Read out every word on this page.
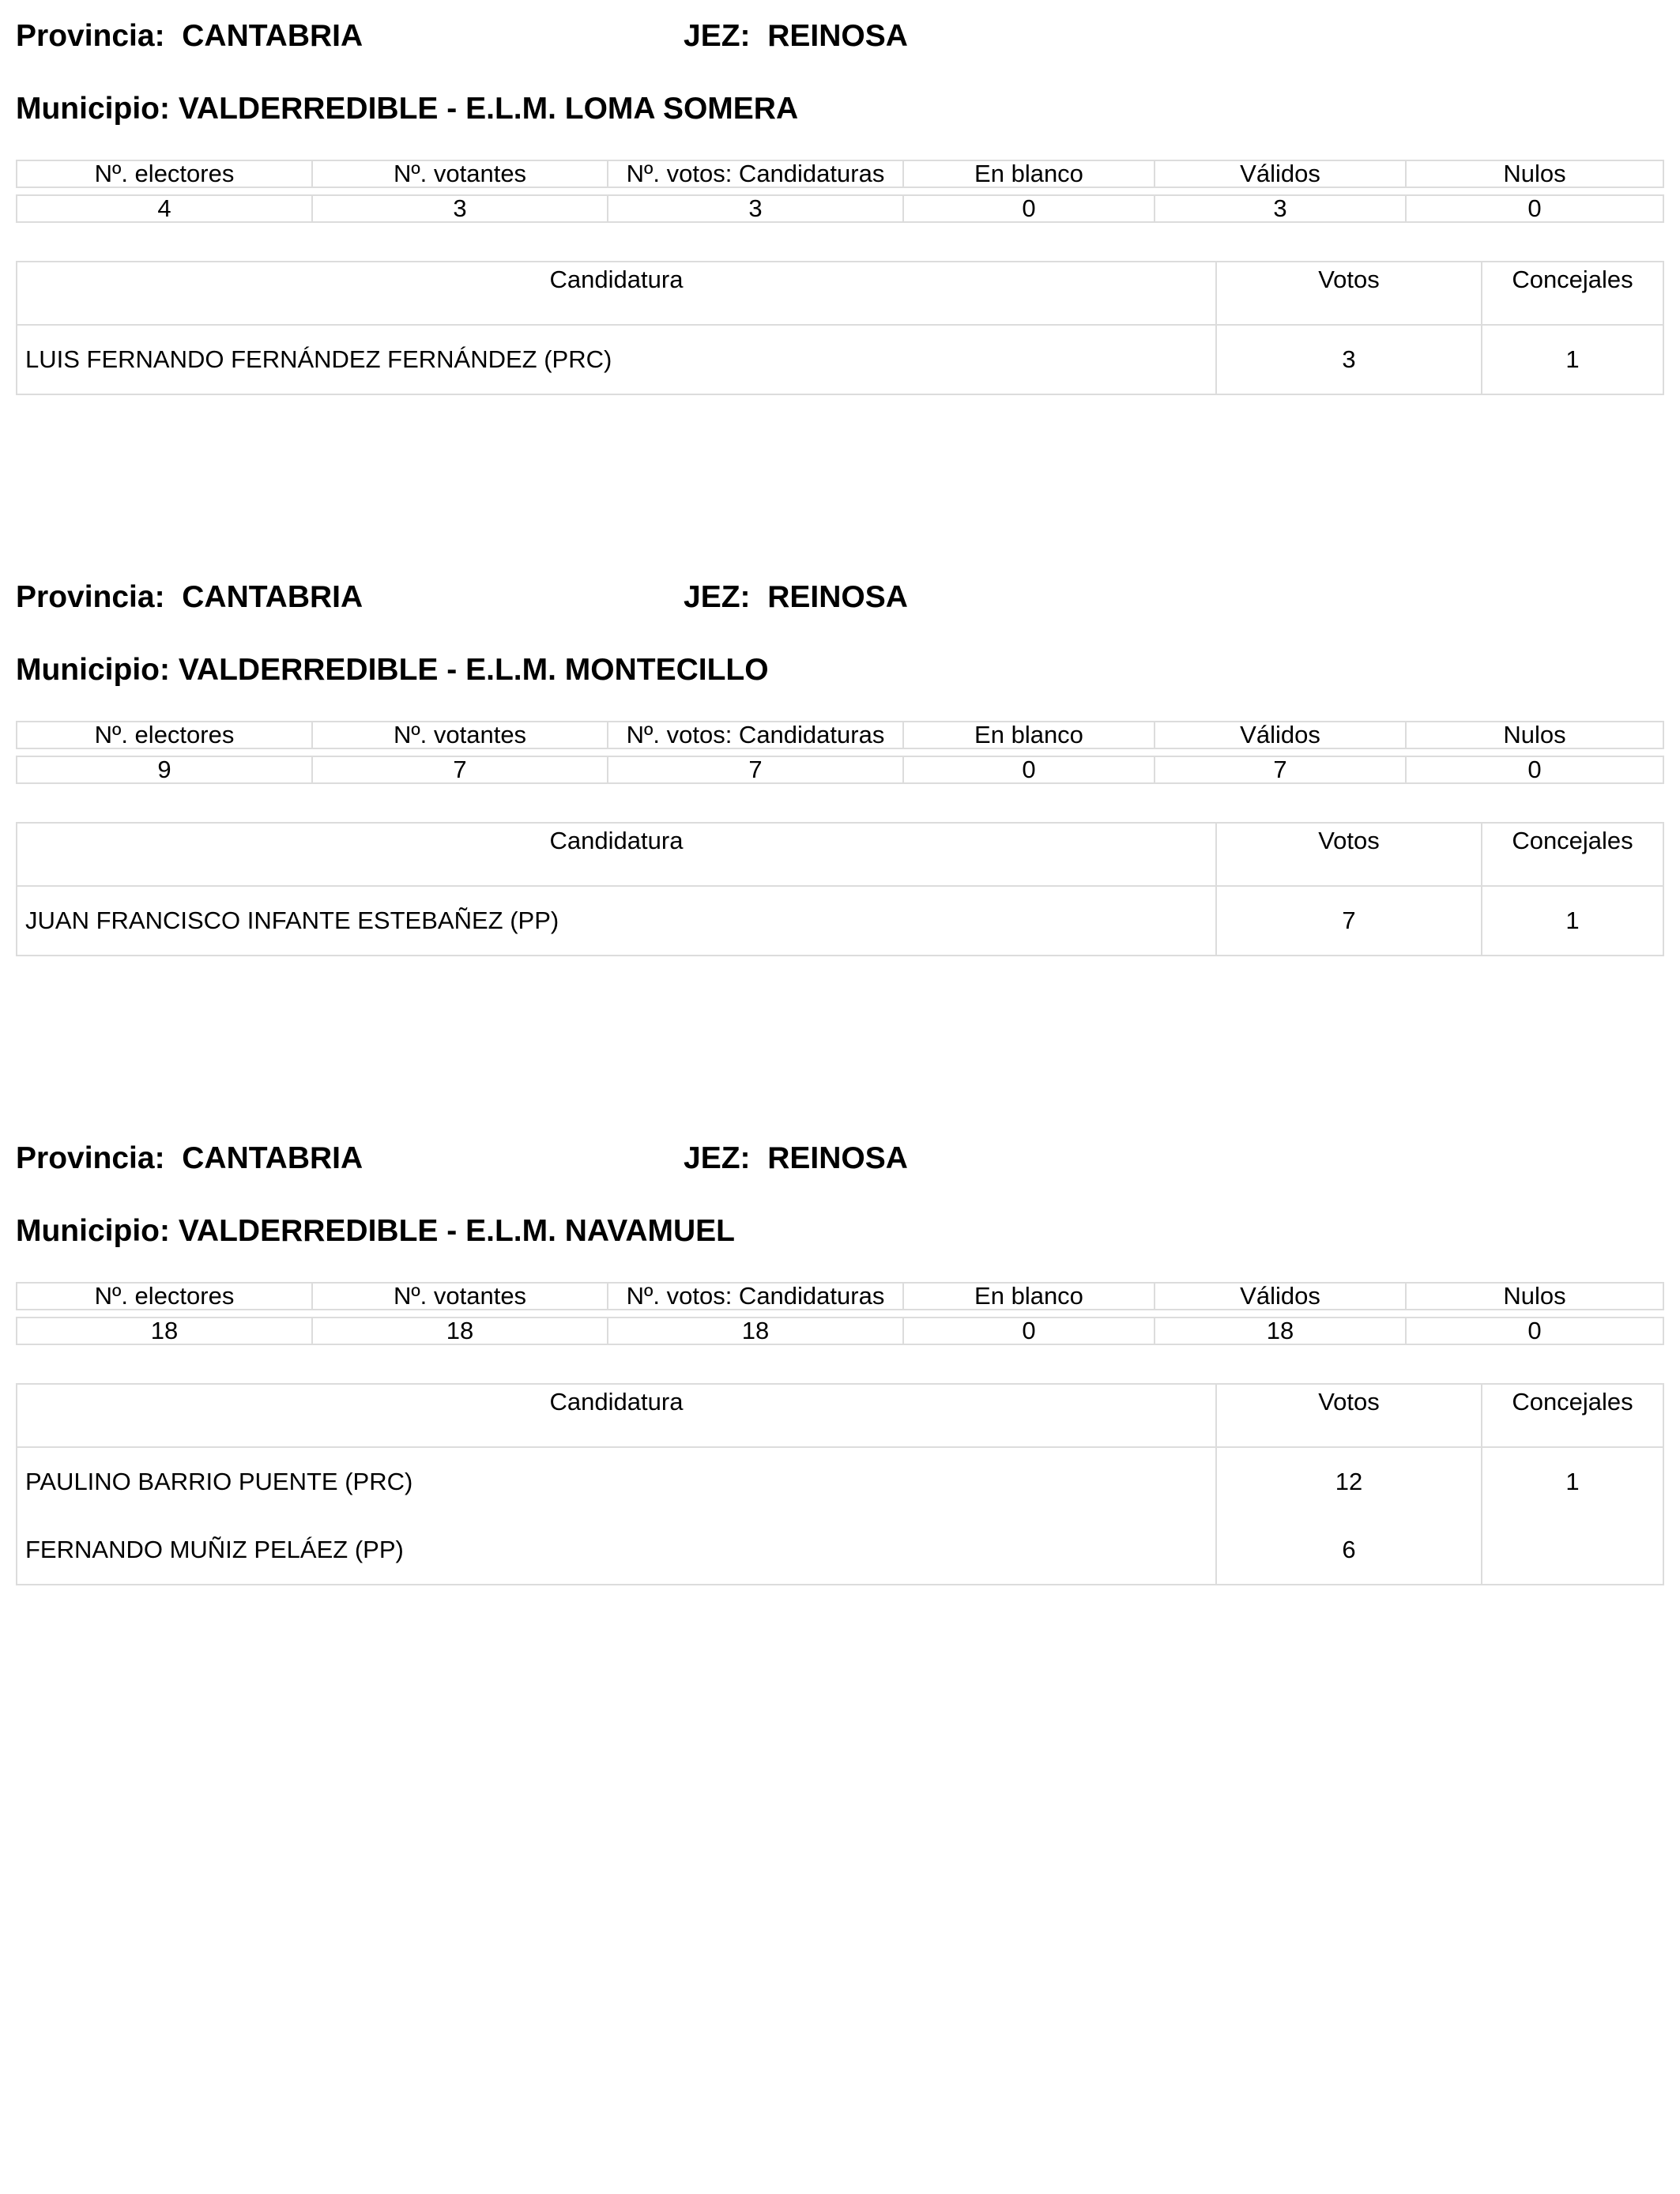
Provincia: CANTABRIA	JEZ: REINOSA
Municipio: VALDERREDIBLE - E.L.M. LOMA SOMERA
Nº. electores	Nº. votantes	Nº. votos: Candidaturas	En blanco	Válidos	Nulos

4	3	3	0	3	0
Candidatura	Votos	Concejales
LUIS FERNANDO FERNÁNDEZ FERNÁNDEZ (PRC)	3	1
Provincia: CANTABRIA	JEZ: REINOSA
Municipio: VALDERREDIBLE - E.L.M. MONTECILLO
Nº. electores	Nº. votantes	Nº. votos: Candidaturas	En blanco	Válidos	Nulos

9	7	7	0	7	0
Candidatura	Votos	Concejales
JUAN FRANCISCO INFANTE ESTEBAÑEZ (PP)	7	1
Provincia: CANTABRIA	JEZ: REINOSA
Municipio: VALDERREDIBLE - E.L.M. NAVAMUEL
Nº. electores	Nº. votantes	Nº. votos: Candidaturas	En blanco	Válidos	Nulos

18	18	18	0	18	0
Candidatura	Votos	Concejales
PAULINO BARRIO PUENTE (PRC)	12	1
FERNANDO MUÑIZ PELÁEZ (PP)	6	
